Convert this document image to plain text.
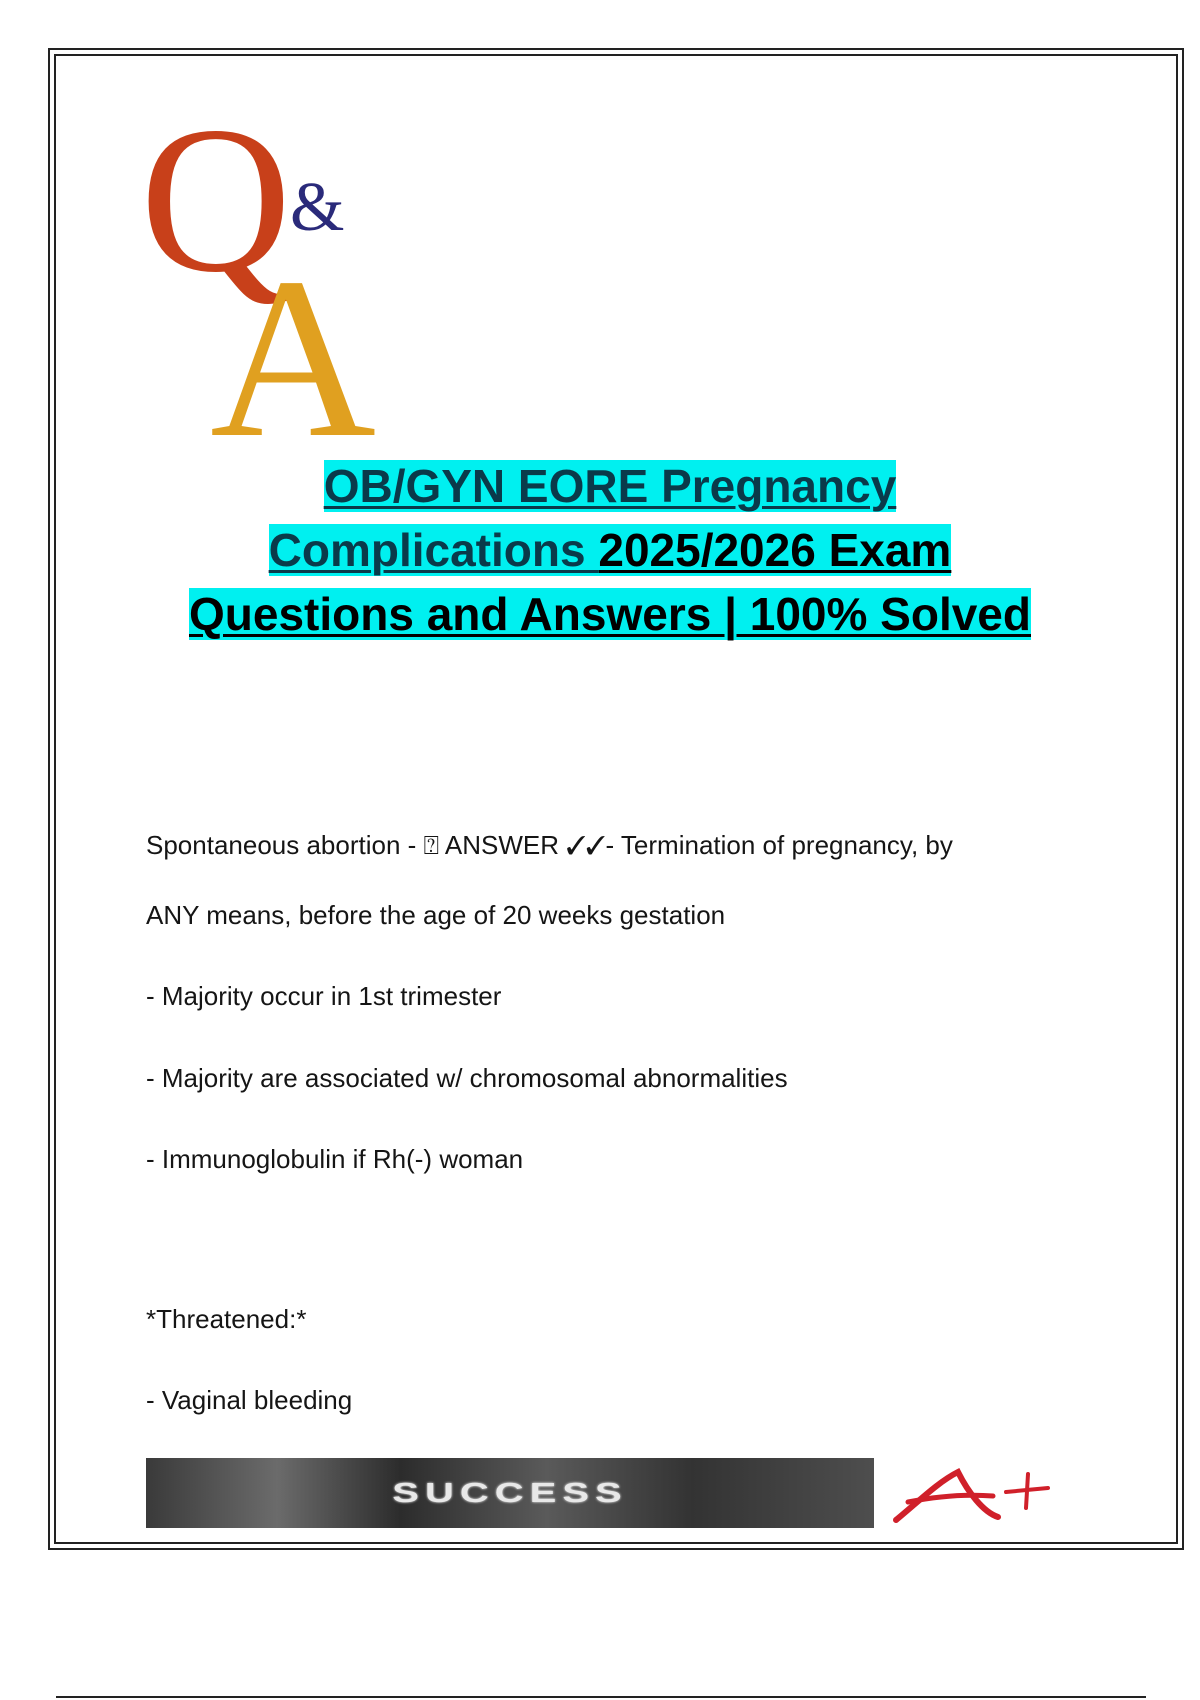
Q
&
A
OB/GYN EORE Pregnancy
Complications 2025/2026 Exam
Questions and Answers | 100% Solved
Spontaneous abortion - ⍰ ANSWER ✓✓- Termination of pregnancy, by
ANY means, before the age of 20 weeks gestation
- Majority occur in 1st trimester
- Majority are associated w/ chromosomal abnormalities
- Immunoglobulin if Rh(-) woman
*Threatened:*
- Vaginal bleeding
SUCCESS
A+
